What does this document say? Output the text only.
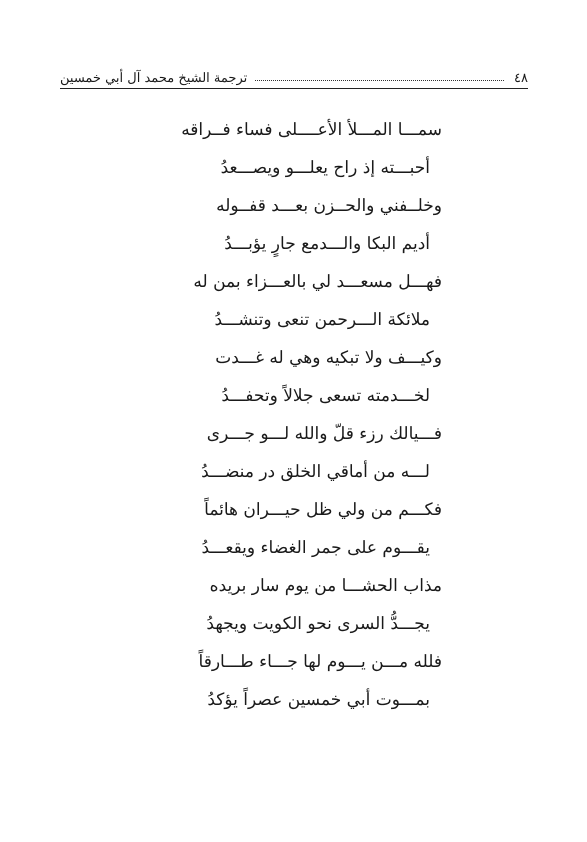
٤٨
ترجمة الشيخ محمد آل أبي خمسين
سمـــا المـــلأ الأعــــلى فساء فــراقه
أحبـــته إذ راح يعلـــو ويصـــعدُ
وخلــفني والحــزن بعـــد قفــوله
أديم البكا والـــدمع جارٍ يؤبـــدُ
فهـــل مسعـــد لي بالعـــزاء بمن له
ملائكة الـــرحمن تنعى وتنشـــدُ
وكيـــف ولا تبكيه وهي له غـــدت
لخـــدمته تسعى جلالاً وتحفـــدُ
فـــيالك رزء قلّ والله لـــو جـــرى
لـــه من أماقي الخلق در منضـــدُ
فكـــم من ولي ظل حيـــران هائماً
يقـــوم على جمر الغضاء ويقعـــدُ
مذاب الحشـــا من يوم سار بريده
يجـــدُّ السرى نحو الكويت ويجهدُ
فلله مـــن يـــوم لها جـــاء طـــارقاً
بمـــوت أبي خمسين عصراً يؤكدُ
